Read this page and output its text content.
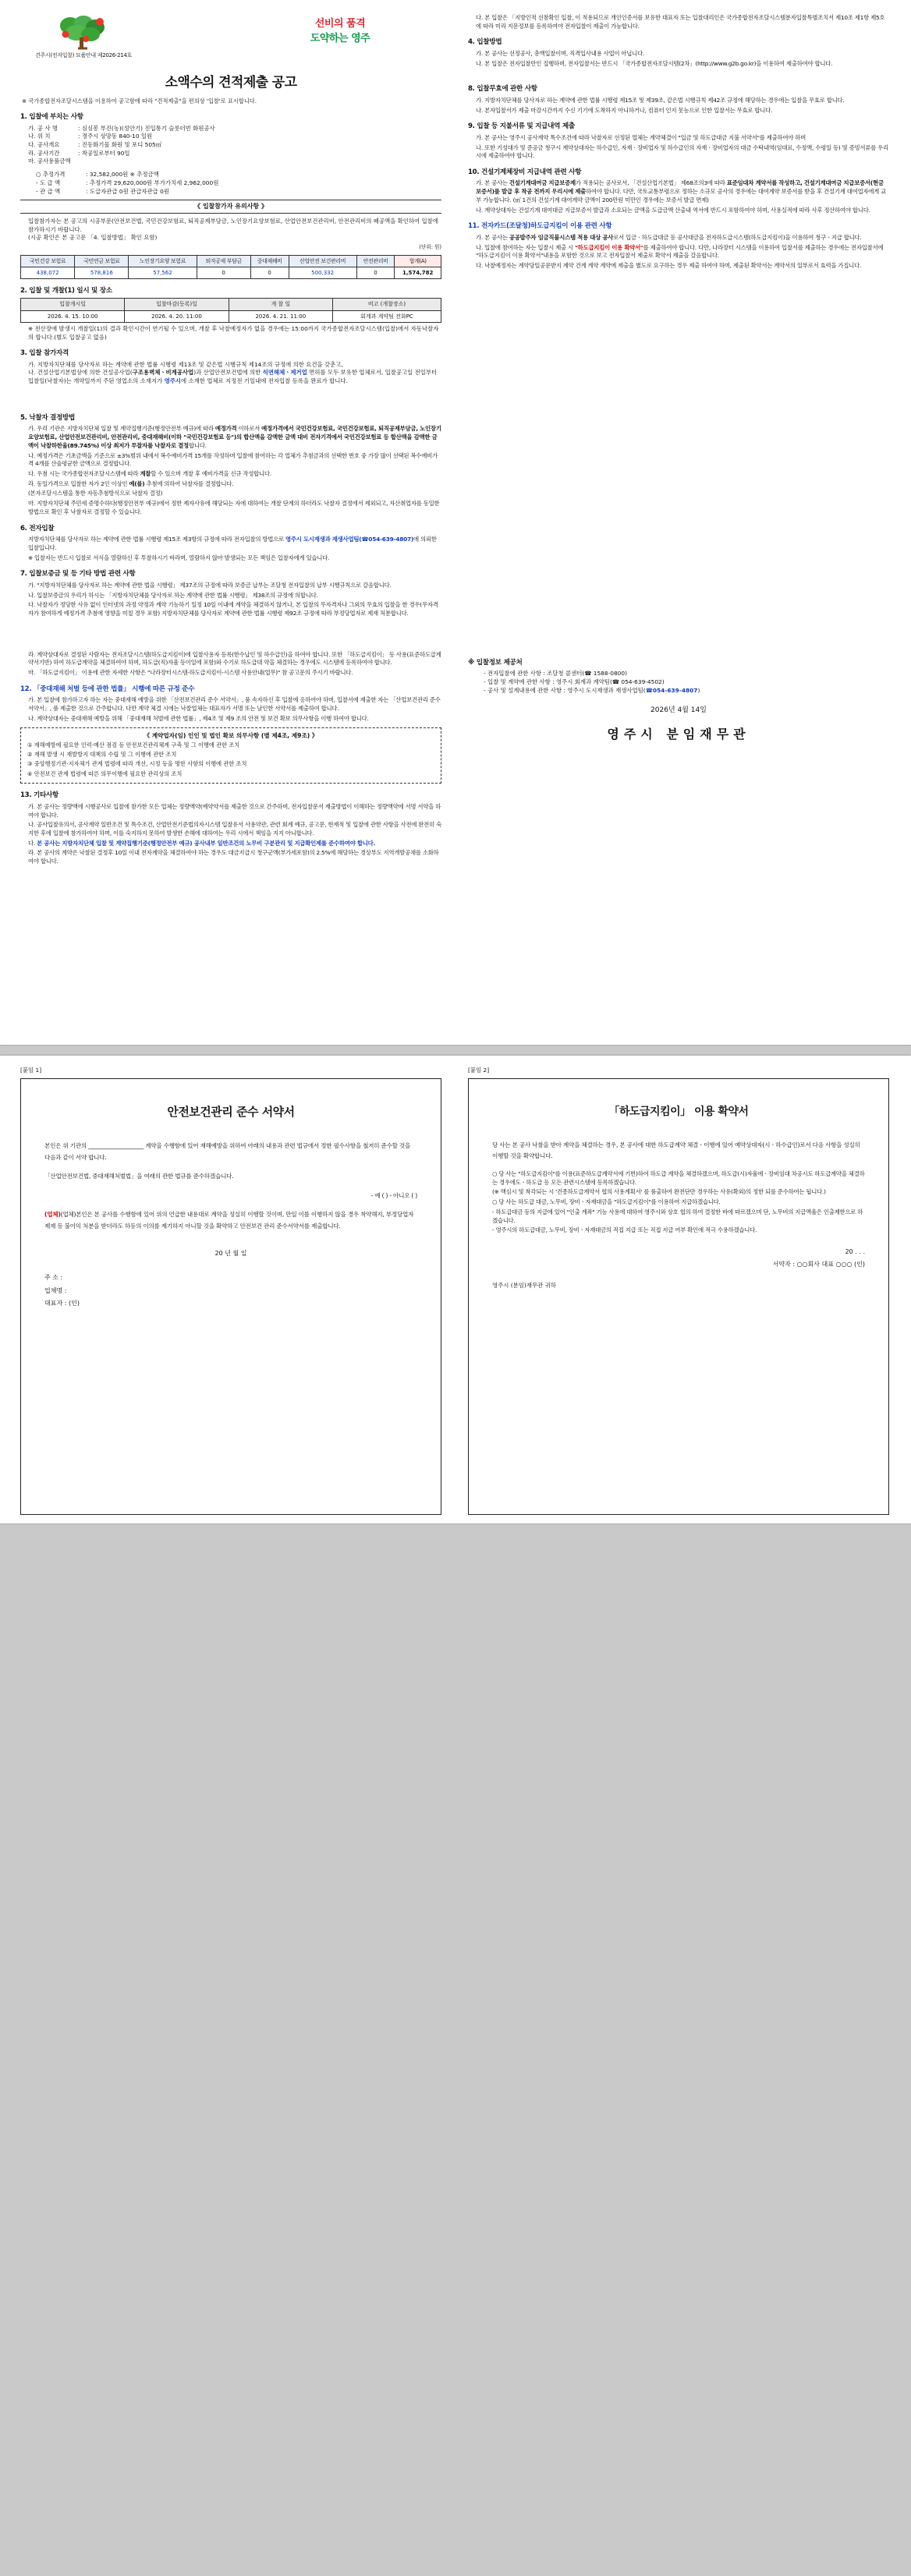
견주시(전자입찰) 묘품안내 제2026-214호
선비의 품격
도약하는 영주
소액수의 견적제출 공고
※ 국가종합전자조달시스템을 이용하여 공고함에 따라 "견적제출"을 편의상 '입찰'로 표시합니다.
1. 입찰에 부치는 사항
가. 공 사 명	: 심심봉 부진(농)(성안기) 진입통기 슬롯더빈 화원공사
나. 위 치	: 경주시 상망동 840-10 일원
다. 공사개요	: 진동화기물 화원 및 포디 505㎡
라. 공사기간	: 착공일로부터 90일
마. 공사용품금액
○ 추정가격	: 32,582,000원 ※ 추정금액
- 도 급 액	: 추정가격 29,620,000원 부가가치세 2,962,000원
- 관 급 액	: 도급자관급 0원 관급자관급 0원
《 입찰참가자 유의사항 》
입찰참가자는 본 공고의 시공부문(안전보건법, 국민건강보험료, 퇴직공제부담금, 노인장기요양보험료, 산업안전보건관리비, 안전관리비의 폐공액을 확인하여 입찰에 참가하시기 바랍니다.
(시공 확인은 본 공고문 「4. 입찰방법」 확인 요함)
(단위: 원)
국민건강 보험료	국민연금 보험료	노인장기요양 보험료	퇴직공제 부담금	중대재해비	산업안전 보건관리비	안전관리비	합계(A)
438,072	578,816	57,562	0	0	500,332	0	1,574,782
2. 입찰 및 개찰(1) 일시 및 장소
입찰개시일	입찰마감(등록)일	개 찰 일	비고 (개찰장소)
2026. 4. 15. 10:00	2026. 4. 20. 11:00	2026. 4. 21. 11:00	회계과 계약팀 전화PC
※ 전산장애 발생시 개찰일(1)의 결과 확인시간이 연기될 수 있으며, 개찰 후 낙찰예정자가 없을 경우에는 15:00까지 국가종합전자조달시스템(입찰)에서 자동낙찰자의 합니다.(별도 입찰공고 없음)
3. 입찰 참가자격
가. 지방자치단체를 당사자로 하는 계약에 관한 법률 시행령 제13조 및 같은법 시행규칙 제14조의 규정에 의한 요건을 갖춘고,
나. 건설산업기본법상에 의한 건설공사업(구조용벽체ㆍ비계공사업)과 산업안전보건법에 의한 석면해체ㆍ제거업 면허를 모두 보유한 업체로서, 입찰공고일 전일부터 입찰일(낙찰자)는 개약일까지 주된 영업소의 소재지가 영주시에 소재한 업체로 지정전 기일내에 전자입찰 등록을 완료가 합니다.
5. 낙찰자 결정방법
가. 우리 기관은 지방자치단체 입찰 및 계약집행기준(행정안전부 예규)에 따라 예정가격 이하로서 예정가격에서 국민건강보험료, 국민건강보험료, 퇴직공제부담금, 노인장기요양보험료, 산업안전보건관리비, 안전관리비, 중대재해비(이하 "국민건강보험료 등")의 합산액을 감액한 금액 대비 전자기격에서 국민건강보험료 등 합산액을 감액한 금액이 낙찰하한율(89.745%) 이상 최저가 투찰자를 낙찰자로 결정합니다.
나. 예정가격은 기초금액을 기준으로 ±3%범위 내에서 복수예비가격 15개를 작성하며 입찰에 참여하는 각 업체가 추첨금과의 선택한 번호 중 가장 많이 선택된 복수예비가격 4개를 산술평균한 금액으로 결정합니다.
다. 우첨 시는 국가종합전자조달시스템에 따라 계찰할 수 있으며 개찰 후 예비가격을 신규 작성합니다.
라. 동일가격으로 입찰한 자가 2인 이상인 예(를) 추첨에 의하여 낙찰자를 결정합니다.
(본자조달시스템을 통한 자동추첨방식으로 낙찰자 결정)
마. 지방자치단체 주민세 증명수하다(행정안전부 예규)에서 정한 제자사유에 해당되는 자에 대하여는 개찰 단계의 하더라도 낙찰자 결정에서 제외되고, 자산취업자를 동일한 방법으로 확인 후 낙찰자로 결정할 수 있습니다.
6. 전자입찰
지방자치단체를 당사자로 하는 계약에 관한 법률 시행령 제15조 제3항의 규정에 따라 전자입찰의 방법으로 영주시 도시재생과 재생사업팀(☎054-639-4807)에 의뢰한 입찰입니다.
※ 입찰자는 반드시 입찰로 서식을 열람하신 후 투찰하시기 바라며, 열람하지 않아 발생되는 모든 책임은 입찰자에게 있습니다.
7. 입찰보증금 및 등 기타 방법 관련 사항
가. "지방자치단체를 당사자로 하는 계약에 관한 법을 시행령」 제37조의 규정에 따라 보증금 납부는 조달청 전자입찰의 납부 시행규칙으로 갈음합니다.
나. 입찰보증금의 우리가 하시는 「지방자치단체를 당사자로 하는 계약에 관한 법률 시행령」 제38조의 규정에 의합니다.
다. 낙찰자가 정당한 사유 없이 인터넷의 과정 약정과 계약 기능하기 일정 10일 이내에 계약을 체결하지 않거나, 본 입찰의 무자격자나 그외의 무효의 입찰을 한 경우(무자격자가 참여하게 예정가격 추첨에 영향을 미칠 경우 포함) 지방자치단체를 당사자로 계약에 관한 법률 시행령 제92조 규정에 따라 부정당업자로 제재 처분합니다.
다. 본 입찰은 「지방인적 선참확인 입찰, 이 적용되므로 개인인증서를 보유한 대표자 또는 입찰대리인은 국가종합전자조달시스템분자입찰특별조치서 제10조 제1항 제5호에 따라 미리 지문정보를 등록하여야 전자입찰이 제출이 가능합니다.
4. 입찰방법
가. 본 공사는 선정공사, 총액입찰이며, 직격입사내용 사업이 아닙니다.
나. 본 입찰은 전자입찰만인 집행하며, 전자입찰서는 반드시 「국가종합전자조달시템(2차」(http://www.g2b.go.kr)을 이용하여 제출하여야 합니다.
8. 입찰무효에 관한 사항
가. 지방자치단체를 당사자로 하는 계약에 관한 법률 시행령 제15조 및 제39조, 같은법 시행규칙 제42조 규정에 해당하는 경우에는 입찰을 무효로 합니다.
나. 본자입찰서가 제출 마감시간까지 수신 기기에 도착하지 아니하거나, 컴퓨터 인지 못능으로 인한 입찰서는 무효로 합니다.
9. 입찰 등 지불서류 및 지급내역 제출
가. 본 공사는 영주시 공사계약 특수조건에 따라 낙찰자로 선정된 업체는 계약체결이 "입금 및 하도급대금 지불 서약서"를 제출하여야 하며
나. 또한 기성대가 및 준공금 청구시 계약상대자는 하수급인, 자재ㆍ장비업자 및 하수급인의 자재ㆍ장비업자의 대금 수탁내역(임대료, 수정액, 수령일 등) 및 증빙서류를 우리시에 제출하여야 합니다.
10. 건설기계체장비 지급내역 관련 사항
가. 본 공사는 건설기계대여금 지급보증제가 적용되는 공사로서, 「건설산업기본법」 제68조의3에 따라 표준임대차 계약서를 작성하고, 건설기계대여금 지급보증서(현금 보증서)를 발급 후 착공 전까지 우리시에 제출하여야 합니다. 다만, 국토교통부령으로 정하는 소규모 공사의 경우에는 대여계약 보증서를 받을 후 건설기계 대여업자에게 교부 가능합니다. (㎡ 1건의 건설기계 대여계약 금액이 200만원 미만인 경우에는 보증서 발급 면제)
나. 계약상대자는 건설기계 대여대금 지급보증서 발급과 소요되는 금액을 도급금액 산출내 역서에 반드시 포함하여야 하며, 사용실적에 따라 사후 정산하여야 합니다.
11. 전자카드(조달청)하도급지킴이 이용 관련 사항
가. 본 공사는 공공발주자 임금직불시스템 적용 대상 공사로서 입금ㆍ하도급대금 등 공사대금을 전자하도급시스템(하도급지킴이)을 이용하여 청구ㆍ지급 합니다.
나. 입찰에 참여하는 자는 입찰시 제출 시 "하도급지킴이 이용 확약서"를 제출하여야 합니다. 다만, 나라장터 시스템을 이용하여 입찰서를 제출하는 경우에는 전자입찰서에 "하도급지킴이 이용 확약서"내용을 포함한 것으로 보고 전자입찰서 제출로 확약서 제출을 갈음합니다.
다. 낙찰예정자는 계약당일공문받지 계약 건계 계약 계약에 제출을 별도로 요구하는 경우 제출 하여야 하며, 제출된 확약서는 계약서의 일부로서 효력을 가집니다.
라. 계약상대자로 결정된 사람자는 전자조달시스템(하도급지킴이)에 입찰사용자 등록(한수납인 및 하수급인)을 하여야 합니다. 또한 「하도급지킴이」 등 사용(표준하도급계약서기반) 하여 하도급계약을 체결하여야 하며, 하도급(직)자율 등이일에 포함)와 수기로 하도급대 약을 체결하는 경우에도 시스템에 등록하여야 합니다.
마. 「하도급지킴이」 이용에 관한 자세한 사항은 "나라장터시스템-하도급지킴이-시스템 사용안내(업무)" 참 공고문의 주시기 바랍니다.
12. 「중대재해 처벌 등에 관한 법률」 시행에 따른 규정 준수
가. 본 입찰에 참가하고자 하는 자는 중대재해 예방을 위한 「산전보건관리 준수 서약서」, 품 속자하신 후 입찰에 응하여야 하며, 입찰서에 제출한 자는 「산업보건관리 준수 서약서」, 품 제출한 것으로 간주합니다. 다만 계약 체결 시에는 낙찰업체는 대표자가 서명 또는 날인한 서약서를 제출하여 합니다.
나. 계약상대자는 중대재해 예방을 위해 「중대재해 처벌에 관한 법률」, 제4조 및 제9 조의 안전 및 보건 확보 의무사항을 이행 하여야 합니다.
《 계약업자(임) 인인 및 법인 확보 의무사항 (별 제4조, 제9조) 》
① 재해예방에 필요한 인력·예산 점검 등 안전보건관리체계 구축 및 그 이행에 관한 조치
② 재해 발생 시 재발방지 대책의 수립 및 그 이행에 관한 조치
③ 중앙행정기관·지자체가 관계 법령에 따라 개선, 시정 등을 명한 사항의 이행에 관한 조치
④ 안전보건 관계 법령에 따른 의무이행에 필요한 관리상의 조치
13. 기타사항
가. 본 공사는 정량액에 시행공사로 입찰에 참가한 모든 업체는 정량액약(예약약서를 제출한 것으로 간주하며, 전자입찰문서 제출방법이 이해하는 정량액약에 서명 서약을 하여야 합니다.
나. 공사입찰유의서, 공사계약 일반조건 및 특수조건, 산업안전기준법의자시스템 입찰유서 사용약관, 관련 회계 예규, 공고문, 현재적 및 입찰에 관한 사항을 사전에 완전히 숙지한 후에 입찰에 참가하여야 하며, 이를 숙지하지 못하여 발생한 손해에 대하여는 우리 시에서 책임을 지지 아니합니다.
다. 본 공사는 지방자치단체 입찰 및 계약집행기준(행정안전부 예규) 공사내부 일반조건의 노무비 구분관리 및 지급확인제를 준수하여야 합니다.
라. 본 공사의 계약은 낙찰된 결정후 10일 이내 전자계약을 체결하여야 하는 경우도 대금지급시 청구군액(부가세포함)의 2.5%에 해당하는 경상부도 지역개발공채를 소화하여야 합니다.
※ 입찰정보 제공처
- 전자입찰에 관한 사항 : 조달청 콜센터(☎ 1588-0800)
- 입찰 및 계약에 관한 사항 : 영주시 회계과 계약팀(☎ 054-639-4502)
- 공사 및 설계내용에 관한 사항 : 영주시 도시재생과 재생사업팀(☎054-639-4807)
2026년 4월 14일
영주시 분임재무관
[붙임 1]
안전보건관리 준수 서약서

본인은 위 기관의 ____________________ 계약을 수행함에 있어 재해예방을 위하여 아래의 내용과 관련 법규에서 정한 필수사항을 철저히 준수할 것을 다음과 같이 서약 합니다.

「산업안전보건법, 중대재해처벌법」을 여래의 관한 법규를 준수하겠습니다.

- 예 ( ) - 아니오 ( )

(업체)(업체)본인은 본 공사를 수행함에 있어 위의 언급한 내용대로 계약을 성실히 이행할 것이며, 만일 이를 이행하지 않을 경우 착약해지, 부정당업자 제재 등 불이익 처분을 받더라도 하등의 이의를 제기하지 아니할 것을 확약하고 안전보건 관리 준수서약서를 제출합니다.

20 년 월 일
주 소 :
업체명 :
대표자 : (인)
[붙임 2]
「하도급지킴이」 이용 확약서

당 사는 본 공사 낙찰을 받아 계약을 체결하는 경우, 본 공사에 대한 하도급계약 체결ㆍ이행에 있어 예약상대자(시ㆍ하수급인)로서 다음 사항을 성실히 이행할 것을 확약합니다.

○ 당 사는 "하도급지킴이"를 이용(표준하도급계약서에 기반)하여 하도급 계약을 체결하겠으며, 하도급(시)자율에ㆍ장비임대 차공시도 하도급계약을 체결하는 경우에도ㆍ하도급 등 모든 관련시스템에 등록하겠습니다.
(※ 액심시 및 착각되는 시 '건종하도급계약서 협의 사용계획서' 를 품출하여 완전단만 경우하는 사유(확외)의 정한 되를 준수하여는 됩니다.)
○ 당 사는 하도급 대금, 노무비, 장비ㆍ자재대금을 "하도급지킴이"를 이용하여 지급하겠습니다.
- 하도급대금 등의 지급에 있어 "인출 계좌" 기능 사용에 대하여 영주시와 상호 협의 하여 결정한 바에 따르겠으며 단, 노무비의 지급액율은 인출제한으로 하겠습니다.
- 영주시의 하도급대금, 노무비, 장비ㆍ자재대금의 직접 지급 또는 직접 지급 여부 확인에 적극 수용하겠습니다.
20 . . .
서약자 : ○○회사 대표 ○○○ (인)
영주시 (분임)재무관 귀하
